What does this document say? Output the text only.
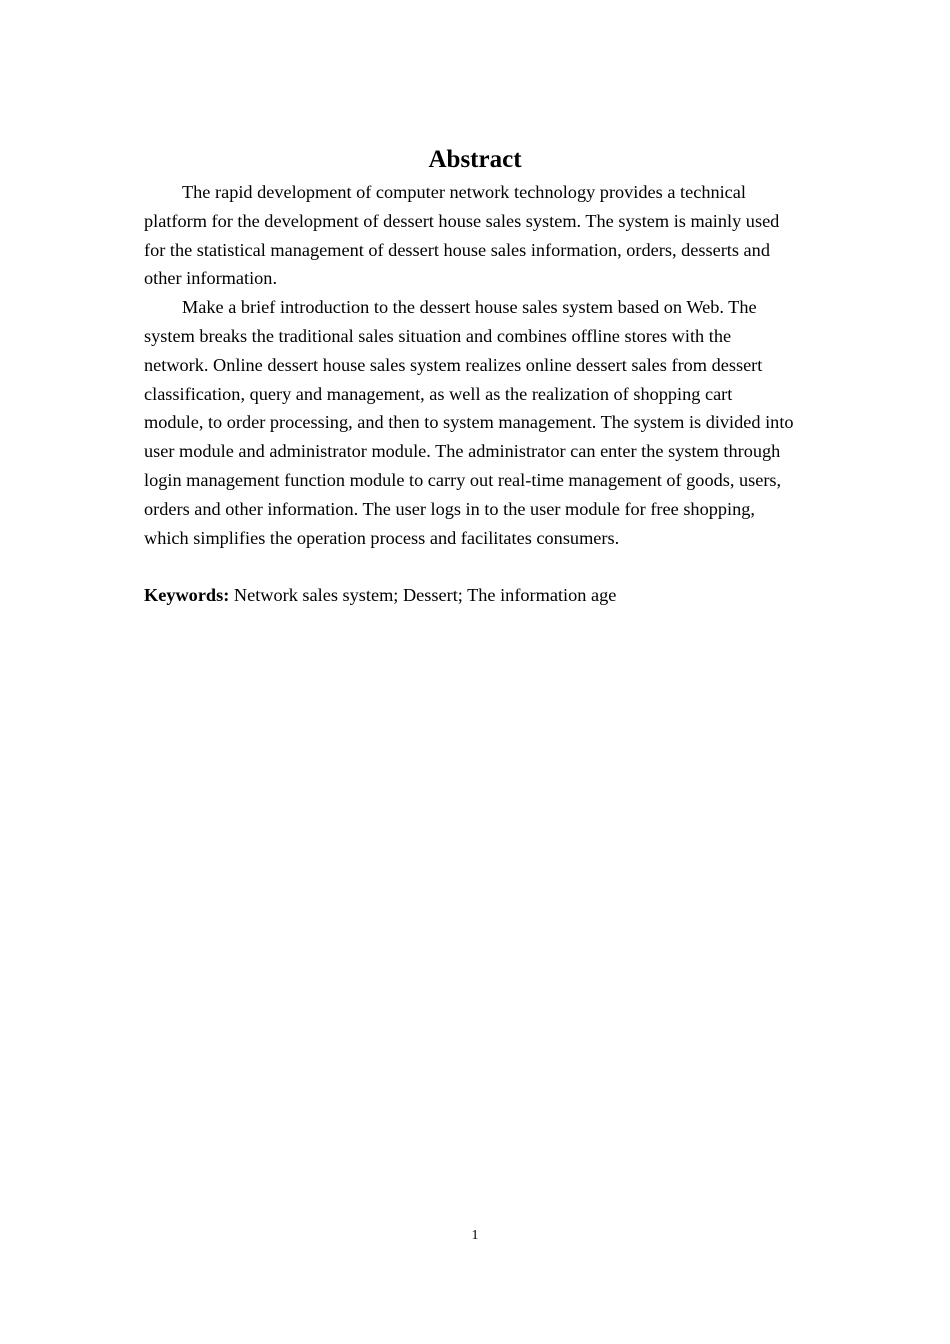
Abstract

The rapid development of computer network technology provides a technical platform for the development of dessert house sales system. The system is mainly used for the statistical management of dessert house sales information, orders, desserts and other information.

Make a brief introduction to the dessert house sales system based on Web. The system breaks the traditional sales situation and combines offline stores with the network. Online dessert house sales system realizes online dessert sales from dessert classification, query and management, as well as the realization of shopping cart module, to order processing, and then to system management. The system is divided into user module and administrator module. The administrator can enter the system through login management function module to carry out real-time management of goods, users, orders and other information. The user logs in to the user module for free shopping, which simplifies the operation process and facilitates consumers.

Keywords: Network sales system; Dessert; The information age

1
